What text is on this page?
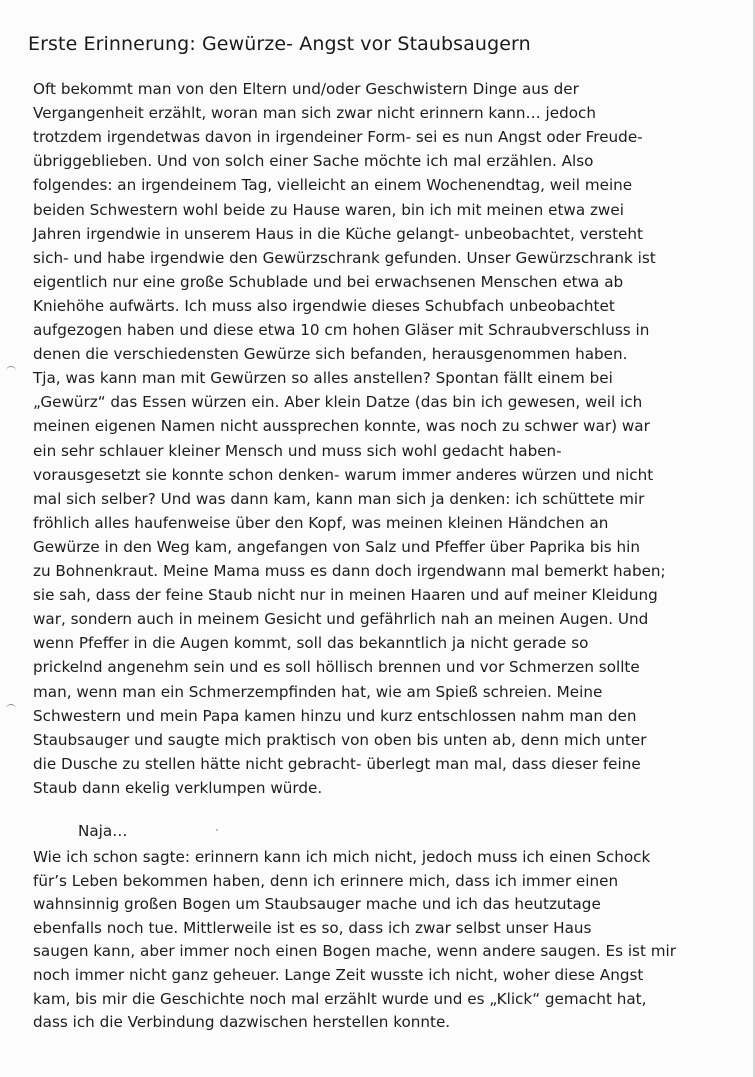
Erste Erinnerung: Gewürze- Angst vor Staubsaugern
Oft bekommt man von den Eltern und/oder Geschwistern Dinge aus der
Vergangenheit erzählt, woran man sich zwar nicht erinnern kann… jedoch
trotzdem irgendetwas davon in irgendeiner Form- sei es nun Angst oder Freude-
übriggeblieben. Und von solch einer Sache möchte ich mal erzählen. Also
folgendes: an irgendeinem Tag, vielleicht an einem Wochenendtag, weil meine
beiden Schwestern wohl beide zu Hause waren, bin ich mit meinen etwa zwei
Jahren irgendwie in unserem Haus in die Küche gelangt- unbeobachtet, versteht
sich- und habe irgendwie den Gewürzschrank gefunden. Unser Gewürzschrank ist
eigentlich nur eine große Schublade und bei erwachsenen Menschen etwa ab
Kniehöhe aufwärts. Ich muss also irgendwie dieses Schubfach unbeobachtet
aufgezogen haben und diese etwa 10 cm hohen Gläser mit Schraubverschluss in
denen die verschiedensten Gewürze sich befanden, herausgenommen haben.
Tja, was kann man mit Gewürzen so alles anstellen? Spontan fällt einem bei
„Gewürz“ das Essen würzen ein. Aber klein Datze (das bin ich gewesen, weil ich
meinen eigenen Namen nicht aussprechen konnte, was noch zu schwer war) war
ein sehr schlauer kleiner Mensch und muss sich wohl gedacht haben-
vorausgesetzt sie konnte schon denken- warum immer anderes würzen und nicht
mal sich selber? Und was dann kam, kann man sich ja denken: ich schüttete mir
fröhlich alles haufenweise über den Kopf, was meinen kleinen Händchen an
Gewürze in den Weg kam, angefangen von Salz und Pfeffer über Paprika bis hin
zu Bohnenkraut. Meine Mama muss es dann doch irgendwann mal bemerkt haben;
sie sah, dass der feine Staub nicht nur in meinen Haaren und auf meiner Kleidung
war, sondern auch in meinem Gesicht und gefährlich nah an meinen Augen. Und
wenn Pfeffer in die Augen kommt, soll das bekanntlich ja nicht gerade so
prickelnd angenehm sein und es soll höllisch brennen und vor Schmerzen sollte
man, wenn man ein Schmerzempfinden hat, wie am Spieß schreien. Meine
Schwestern und mein Papa kamen hinzu und kurz entschlossen nahm man den
Staubsauger und saugte mich praktisch von oben bis unten ab, denn mich unter
die Dusche zu stellen hätte nicht gebracht- überlegt man mal, dass dieser feine
Staub dann ekelig verklumpen würde.
Naja…
Wie ich schon sagte: erinnern kann ich mich nicht, jedoch muss ich einen Schock
für’s Leben bekommen haben, denn ich erinnere mich, dass ich immer einen
wahnsinnig großen Bogen um Staubsauger mache und ich das heutzutage
ebenfalls noch tue. Mittlerweile ist es so, dass ich zwar selbst unser Haus
saugen kann, aber immer noch einen Bogen mache, wenn andere saugen. Es ist mir
noch immer nicht ganz geheuer. Lange Zeit wusste ich nicht, woher diese Angst
kam, bis mir die Geschichte noch mal erzählt wurde und es „Klick“ gemacht hat,
dass ich die Verbindung dazwischen herstellen konnte.
